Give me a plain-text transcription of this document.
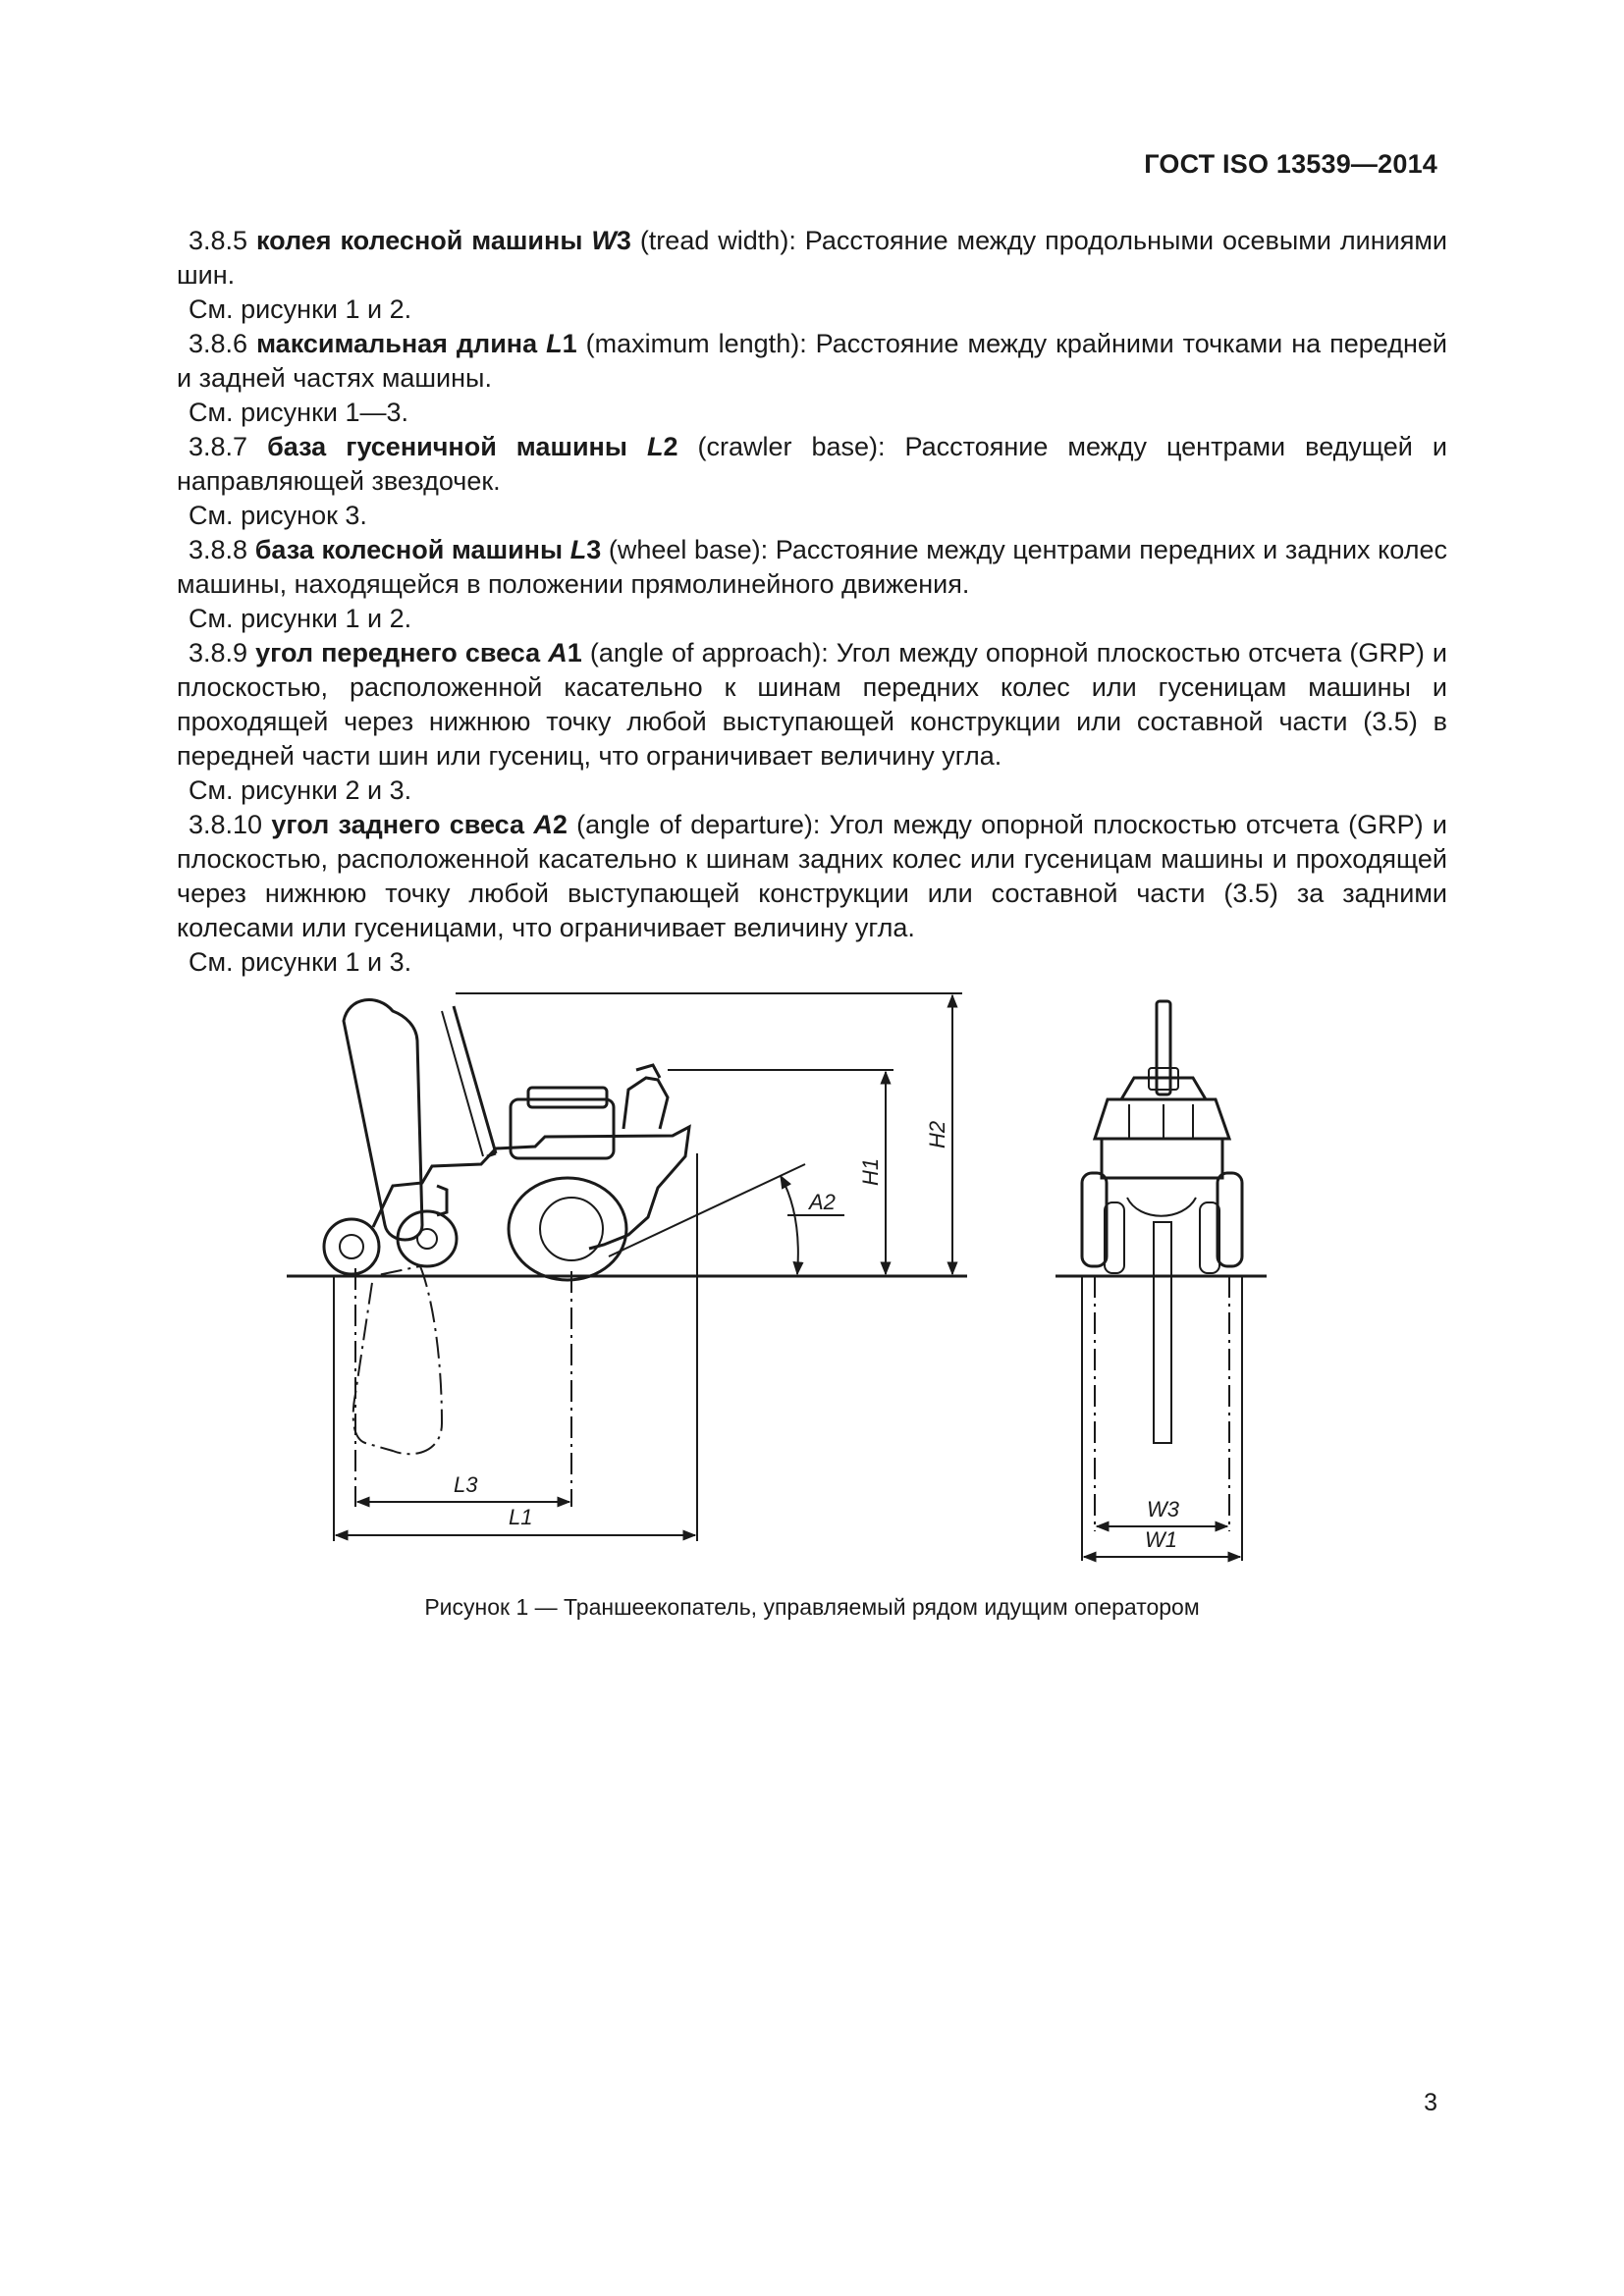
ГОСТ ISO 13539—2014

3.8.5 колея колесной машины W3 (tread width): Расстояние между продольными осевыми линиями шин.

См. рисунки 1 и 2.

3.8.6 максимальная длина L1 (maximum length): Расстояние между крайними точками на передней и задней частях машины.

См. рисунки 1—3.

3.8.7 база гусеничной машины L2 (crawler base): Расстояние между центрами ведущей и направляющей звездочек.

См. рисунок 3.

3.8.8 база колесной машины L3 (wheel base): Расстояние между центрами передних и задних колес машины, находящейся в положении прямолинейного движения.

См. рисунки 1 и 2.

3.8.9 угол переднего свеса A1 (angle of approach): Угол между опорной плоскостью отсчета (GRP) и плоскостью, расположенной касательно к шинам передних колес или гусеницам машины и проходящей через нижнюю точку любой выступающей конструкции или составной части (3.5) в передней части шин или гусениц, что ограничивает величину угла.

См. рисунки 2 и 3.

3.8.10 угол заднего свеса A2 (angle of departure): Угол между опорной плоскостью отсчета (GRP) и плоскостью, расположенной касательно к шинам задних колес или гусеницам машины и проходящей через нижнюю точку любой выступающей конструкции или составной части (3.5) за задними колесами или гусеницами, что ограничивает величину угла.

См. рисунки 1 и 3.

A2
H1
H2
L3
L1	W3
W1
Рисунок 1 — Траншеекопатель, управляемый рядом идущим оператором
3
